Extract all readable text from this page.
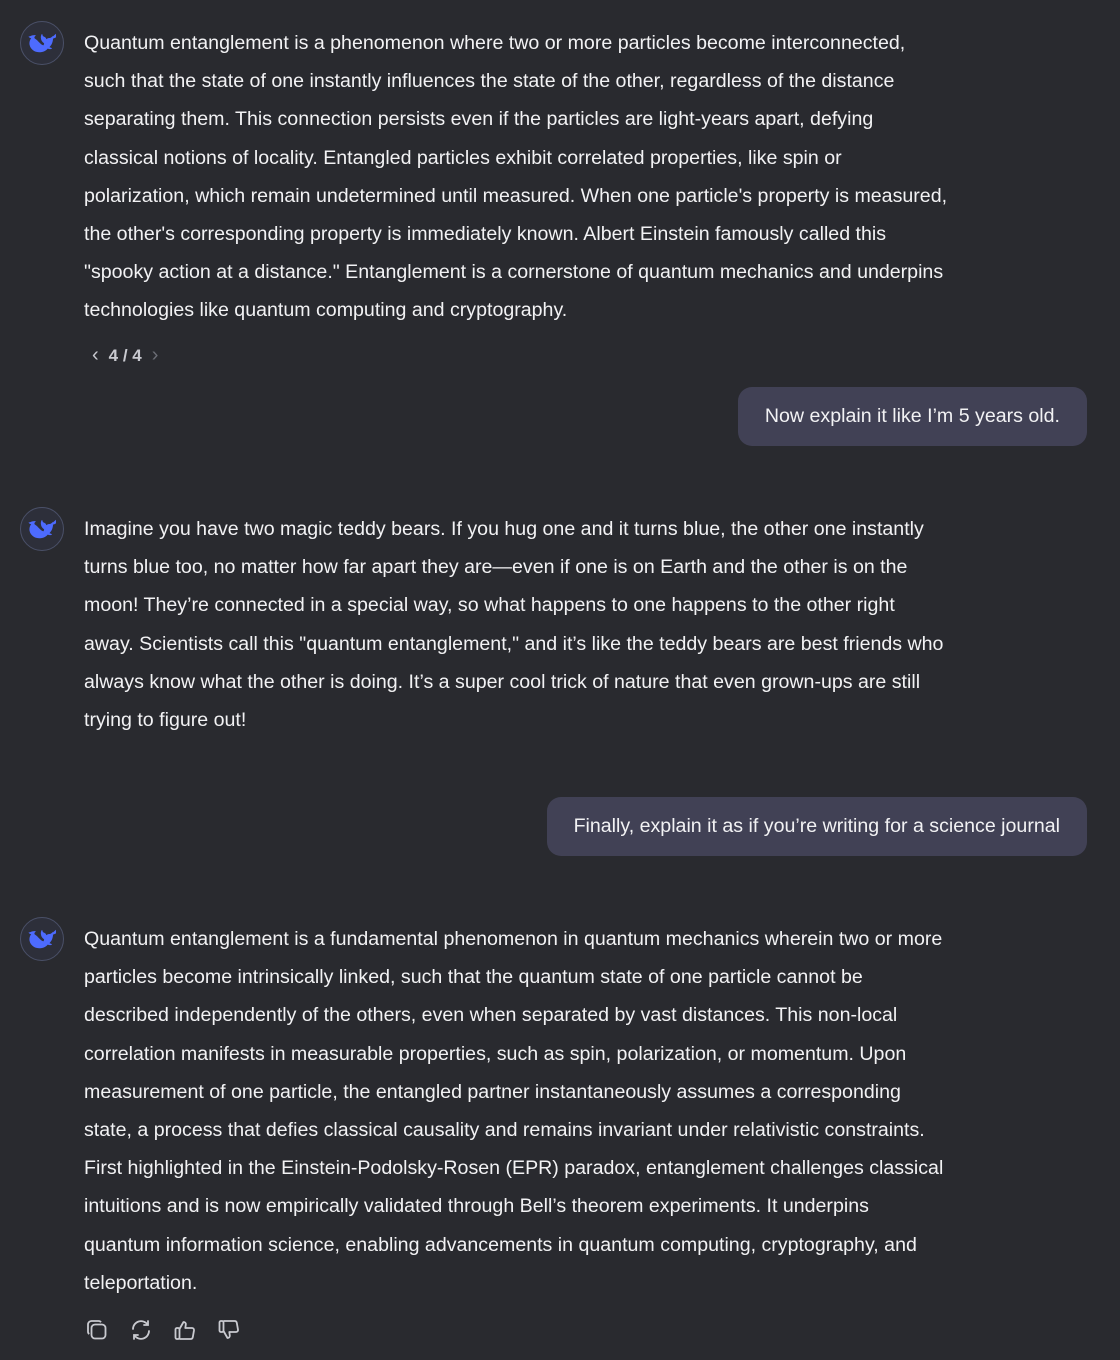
Quantum entanglement is a phenomenon where two or more particles become interconnected,
such that the state of one instantly influences the state of the other, regardless of the distance
separating them. This connection persists even if the particles are light-years apart, defying
classical notions of locality. Entangled particles exhibit correlated properties, like spin or
polarization, which remain undetermined until measured. When one particle's property is measured,
the other's corresponding property is immediately known. Albert Einstein famously called this
"spooky action at a distance." Entanglement is a cornerstone of quantum mechanics and underpins
technologies like quantum computing and cryptography.
‹ 4 / 4 ›
Now explain it like I’m 5 years old.
Imagine you have two magic teddy bears. If you hug one and it turns blue, the other one instantly
turns blue too, no matter how far apart they are—even if one is on Earth and the other is on the
moon! They’re connected in a special way, so what happens to one happens to the other right
away. Scientists call this "quantum entanglement," and it’s like the teddy bears are best friends who
always know what the other is doing. It’s a super cool trick of nature that even grown-ups are still
trying to figure out!
Finally, explain it as if you’re writing for a science journal
Quantum entanglement is a fundamental phenomenon in quantum mechanics wherein two or more
particles become intrinsically linked, such that the quantum state of one particle cannot be
described independently of the others, even when separated by vast distances. This non-local
correlation manifests in measurable properties, such as spin, polarization, or momentum. Upon
measurement of one particle, the entangled partner instantaneously assumes a corresponding
state, a process that defies classical causality and remains invariant under relativistic constraints.
First highlighted in the Einstein-Podolsky-Rosen (EPR) paradox, entanglement challenges classical
intuitions and is now empirically validated through Bell’s theorem experiments. It underpins
quantum information science, enabling advancements in quantum computing, cryptography, and
teleportation.
